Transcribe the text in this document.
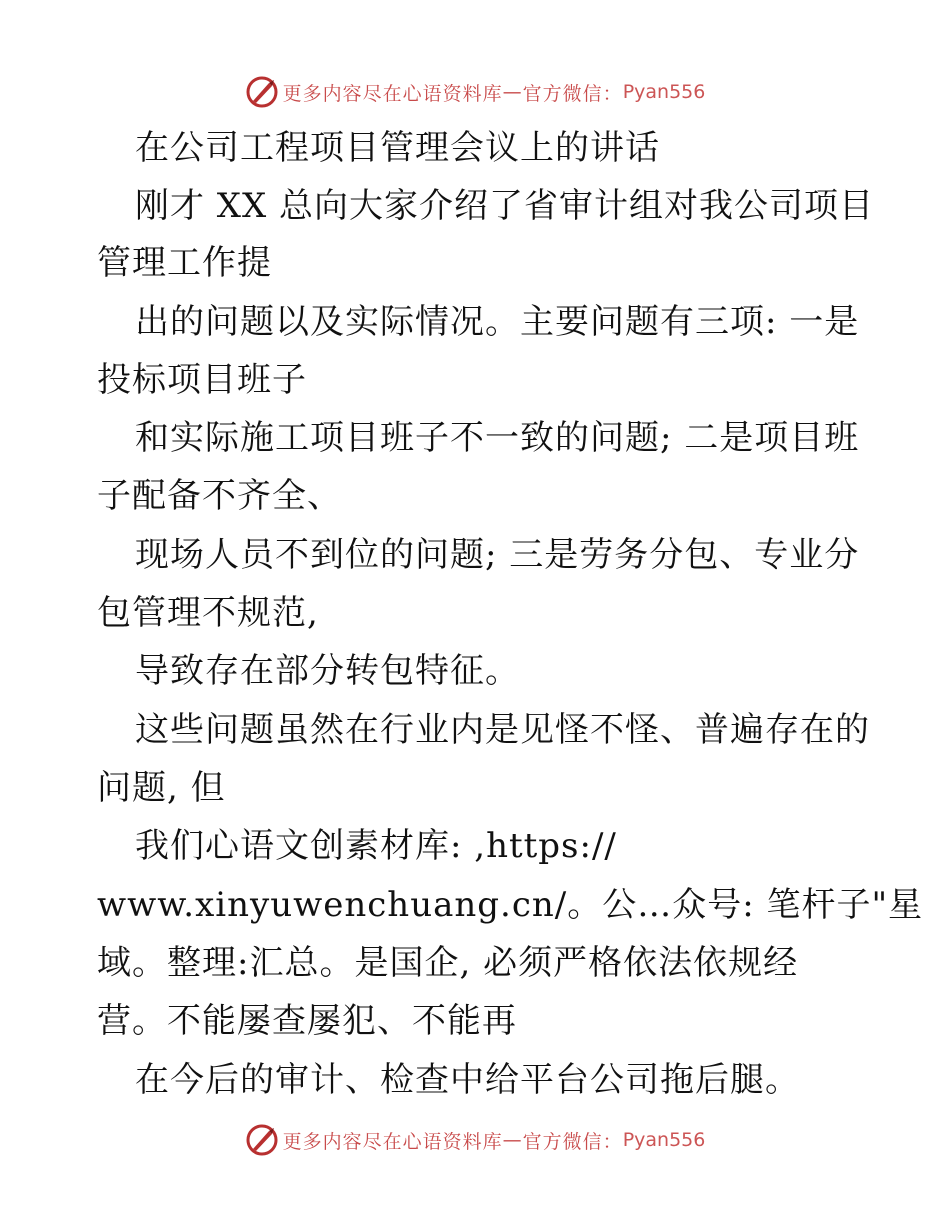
更多内容尽在心语资料库 — 官方微信： Pyan556
在公司工程项目管理会议上的讲话
刚才 XX 总向大家介绍了省审计组对我公司项目
管理工作提
出的问题以及实际情况。主要问题有三项: 一是
投标项目班子
和实际施工项目班子不一致的问题; 二是项目班
子配备不齐全、
现场人员不到位的问题; 三是劳务分包、专业分
包管理不规范,
导致存在部分转包特征。
这些问题虽然在行业内是见怪不怪、普遍存在的
问题, 但
我们心语文创素材库: ,https://
www.xinyuwenchuang.cn/。公…众号: 笔杆子"星
域。整理:汇总。是国企, 必须严格依法依规经
营。不能屡查屡犯、不能再
在今后的审计、检查中给平台公司拖后腿。
更多内容尽在心语资料库 — 官方微信： Pyan556
